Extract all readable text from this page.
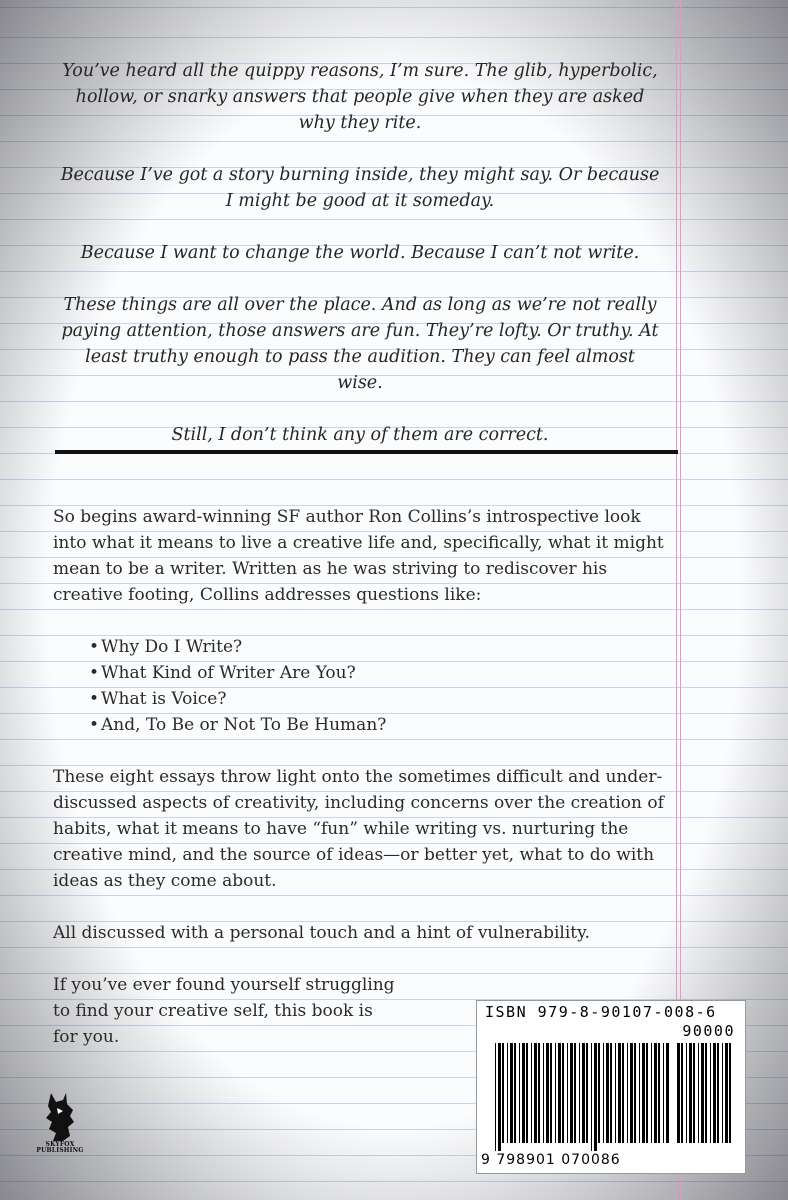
You’ve heard all the quippy reasons, I’m sure. The glib, hyperbolic, hollow, or snarky answers that people give when they are asked why they rite.

Because I’ve got a story burning inside, they might say. Or because I might be good at it someday.

Because I want to change the world. Because I can’t not write.

These things are all over the place. And as long as we’re not really paying attention, those answers are fun. They’re lofty. Or truthy. At least truthy enough to pass the audition. They can feel almost wise.

Still, I don’t think any of them are correct.

So begins award-winning SF author Ron Collins’s introspective look into what it means to live a creative life and, specifically, what it might mean to be a writer. Written as he was striving to rediscover his creative footing, Collins addresses questions like:

• Why Do I Write?
• What Kind of Writer Are You?
• What is Voice?
• And, To Be or Not To Be Human?

These eight essays throw light onto the sometimes difficult and under-discussed aspects of creativity, including concerns over the creation of habits, what it means to have “fun” while writing vs. nurturing the creative mind, and the source of ideas—or better yet, what to do with ideas as they come about.

All discussed with a personal touch and a hint of vulnerability.

If you’ve ever found yourself struggling to find your creative self, this book is for you.

SKYFOX
PUBLISHING
ISBN 979-8-90107-008-6
90000
9 798901 070086
